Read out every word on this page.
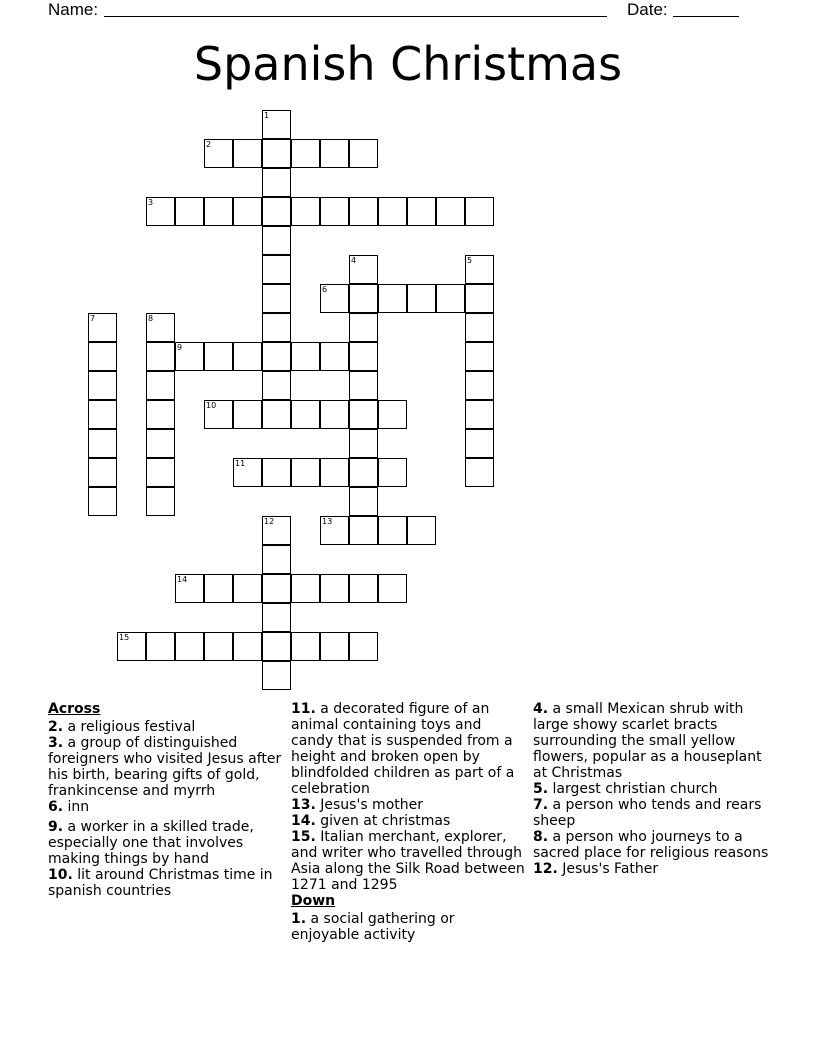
Name:	Date:
Spanish Christmas
1
2
3
4	5
6
7	8
9
10
11
12	13
14
15
Across
2. a religious festival
3. a group of distinguished foreigners who visited Jesus after his birth, bearing gifts of gold, frankincense and myrrh
6. inn
9. a worker in a skilled trade, especially one that involves making things by hand
10. lit around Christmas time in spanish countries
11. a decorated figure of an animal containing toys and candy that is suspended from a height and broken open by blindfolded children as part of a celebration
13. Jesus's mother
14. given at christmas
15. Italian merchant, explorer, and writer who travelled through Asia along the Silk Road between 1271 and 1295
Down
1. a social gathering or enjoyable activity
4. a small Mexican shrub with large showy scarlet bracts surrounding the small yellow flowers, popular as a houseplant at Christmas
5. largest christian church
7. a person who tends and rears sheep
8. a person who journeys to a sacred place for religious reasons
12. Jesus's Father
